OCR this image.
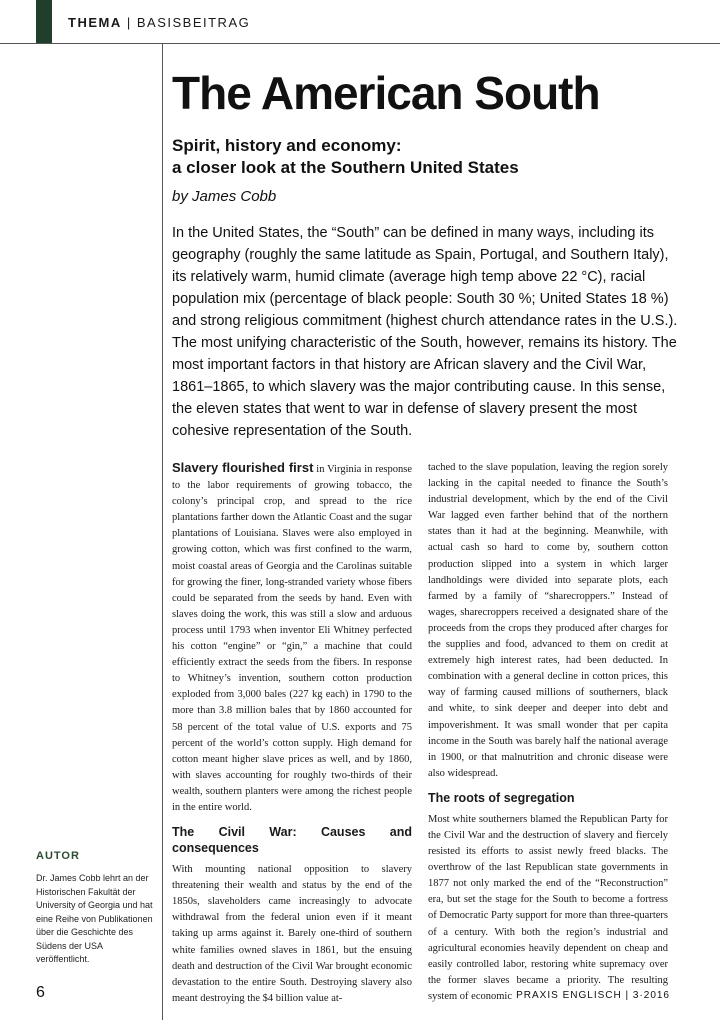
THEMA | BASISBEITRAG
The American South
Spirit, history and economy:
a closer look at the Southern United States
by James Cobb
In the United States, the “South” can be defined in many ways, including its geography (roughly the same latitude as Spain, Portugal, and Southern Italy), its relatively warm, humid climate (average high temp above 22 °C), racial population mix (percentage of black people: South 30 %; United States 18 %) and strong religious commitment (highest church attendance rates in the U.S.). The most unifying characteristic of the South, however, remains its history. The most important factors in that history are African slavery and the Civil War, 1861–1865, to which slavery was the major contributing cause. In this sense, the eleven states that went to war in defense of slavery present the most cohesive representation of the South.

Slavery flourished first in Virginia in response to the labor requirements of growing tobacco, the colony’s principal crop, and spread to the rice plantations farther down the Atlantic Coast and the sugar plantations of Louisiana. Slaves were also employed in growing cotton, which was first confined to the warm, moist coastal areas of Georgia and the Carolinas suitable for growing the finer, long-stranded variety whose fibers could be separated from the seeds by hand. Even with slaves doing the work, this was still a slow and arduous process until 1793 when inventor Eli Whitney perfected his cotton “engine” or “gin,” a machine that could efficiently extract the seeds from the fibers. In response to Whitney’s invention, southern cotton production exploded from 3,000 bales (227 kg each) in 1790 to the more than 3.8 million bales that by 1860 accounted for 58 percent of the total value of U.S. exports and 75 percent of the world’s cotton supply. High demand for cotton meant higher slave prices as well, and by 1860, with slaves accounting for roughly two-thirds of their wealth, southern planters were among the richest people in the entire world.

The Civil War: Causes and consequences

With mounting national opposition to slavery threatening their wealth and status by the end of the 1850s, slaveholders came increasingly to advocate withdrawal from the federal union even if it meant taking up arms against it. Barely one-third of southern white families owned slaves in 1861, but the ensuing death and destruction of the Civil War brought economic devastation to the entire South. Destroying slavery also meant destroying the $4 billion value at-

tached to the slave population, leaving the region sorely lacking in the capital needed to finance the South’s industrial development, which by the end of the Civil War lagged even farther behind that of the northern states than it had at the beginning. Meanwhile, with actual cash so hard to come by, southern cotton production slipped into a system in which larger landholdings were divided into separate plots, each farmed by a family of “sharecroppers.” Instead of wages, sharecroppers received a designated share of the proceeds from the crops they produced after charges for the supplies and food, advanced to them on credit at extremely high interest rates, had been deducted. In combination with a general decline in cotton prices, this way of farming caused millions of southerners, black and white, to sink deeper and deeper into debt and impoverishment. It was small wonder that per capita income in the South was barely half the national average in 1900, or that malnutrition and chronic disease were also widespread.

The roots of segregation

Most white southerners blamed the Republican Party for the Civil War and the destruction of slavery and fiercely resisted its efforts to assist newly freed blacks. The overthrow of the last Republican state governments in 1877 not only marked the end of the “Reconstruction” era, but set the stage for the South to become a fortress of Democratic Party support for more than three-quarters of a century. With both the region’s industrial and agricultural economies heavily dependent on cheap and easily controlled labor, restoring white supremacy over the former slaves became a priority. The resulting system of economic

AUTOR
Dr. James Cobb lehrt an der Historischen Fakultät der University of Georgia und hat eine Reihe von Publikationen über die Geschichte des Südens der USA veröffentlicht.
6	PRAXIS ENGLISCH | 3·2016
